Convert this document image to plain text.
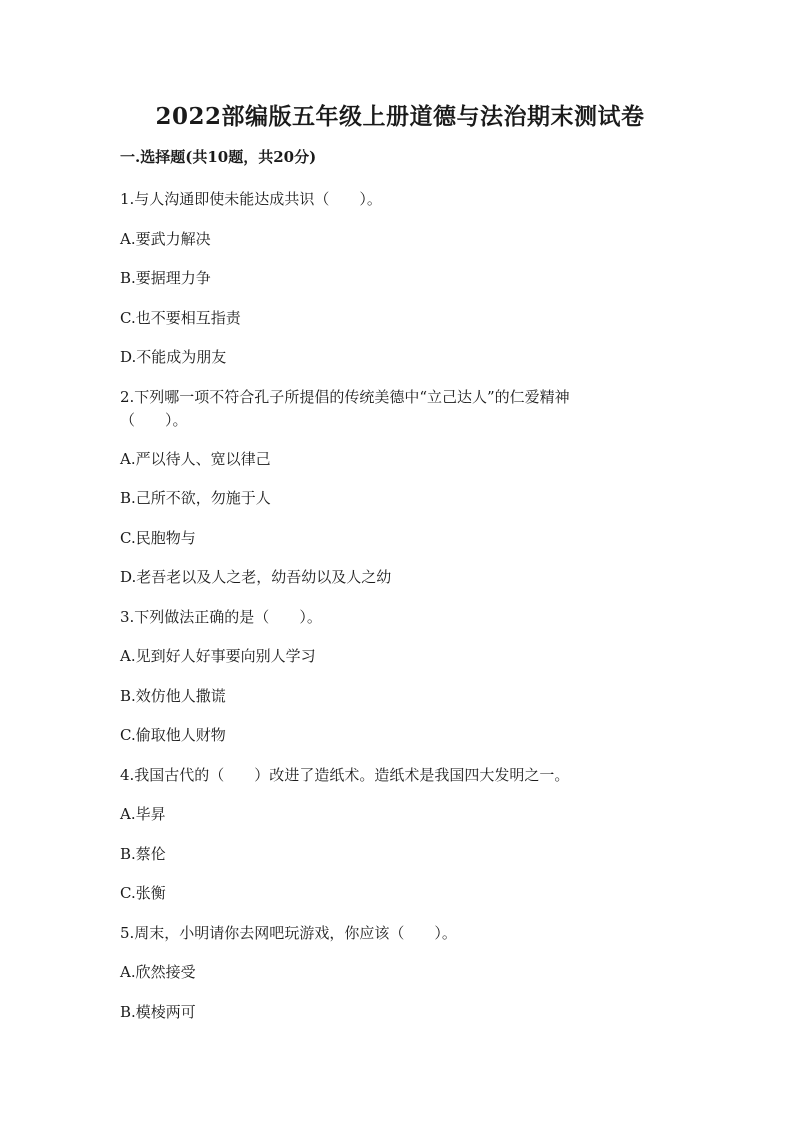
2022部编版五年级上册道德与法治期末测试卷
一.选择题(共10题，共20分)
1.与人沟通即使未能达成共识（　　）。
A.要武力解决
B.要据理力争
C.也不要相互指责
D.不能成为朋友
2.下列哪一项不符合孔子所提倡的传统美德中“立己达人”的仁爱精神
（　　）。
A.严以待人、宽以律己
B.己所不欲，勿施于人
C.民胞物与
D.老吾老以及人之老，幼吾幼以及人之幼
3.下列做法正确的是（　　）。
A.见到好人好事要向别人学习
B.效仿他人撒谎
C.偷取他人财物
4.我国古代的（　　）改进了造纸术。造纸术是我国四大发明之一。
A.毕昇
B.蔡伦
C.张衡
5.周末，小明请你去网吧玩游戏，你应该（　　）。
A.欣然接受
B.模棱两可
